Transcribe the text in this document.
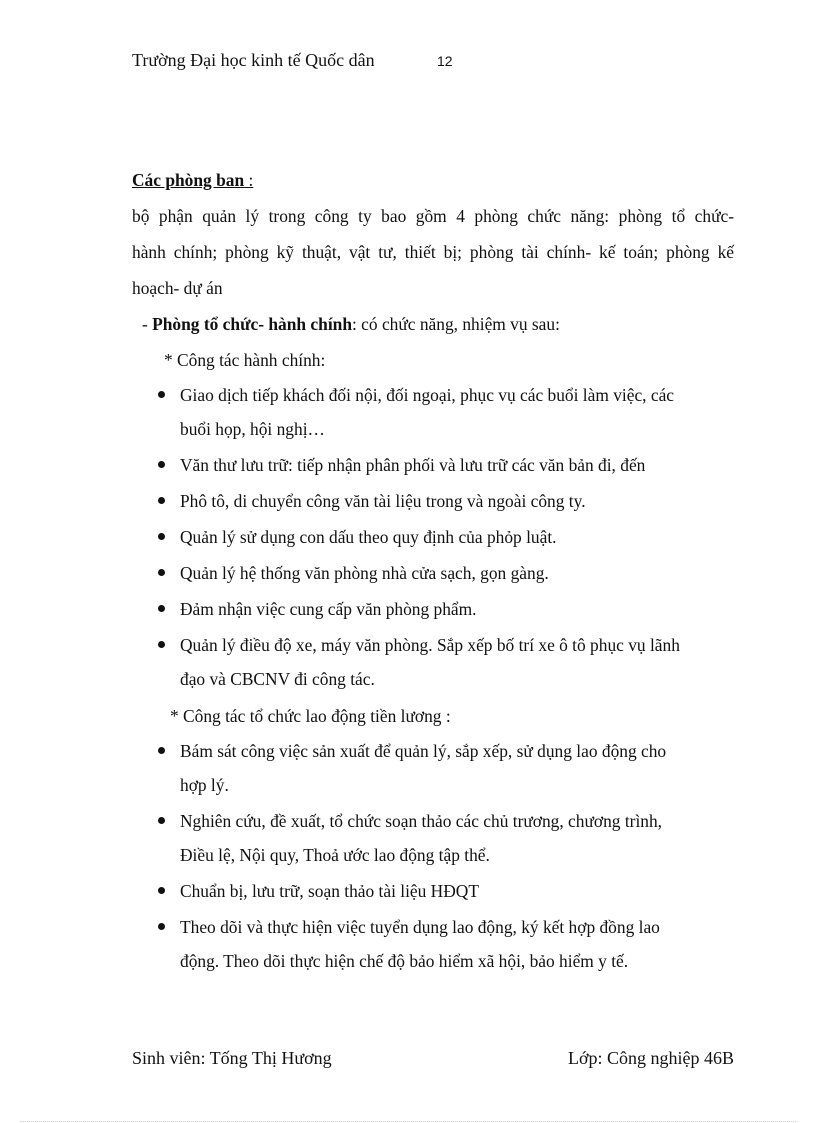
Trường Đại học kinh tế Quốc dân	12

Các phòng ban :

bộ phận quản lý trong công ty bao gồm 4 phòng chức năng: phòng tổ chức-
hành chính; phòng kỹ thuật, vật tư, thiết bị; phòng tài chính- kế toán; phòng kế
hoạch- dự án

- Phòng tổ chức- hành chính: có chức năng, nhiệm vụ sau:

* Công tác hành chính:

Giao dịch tiếp khách đối nội, đối ngoại, phục vụ các buổi làm việc, các
buổi họp, hội nghị…
Văn thư lưu trữ: tiếp nhận phân phối và lưu trữ các văn bản đi, đến
Phô tô, di chuyển công văn tài liệu trong và ngoài công ty.
Quản lý sử dụng con dấu theo quy định của phỏp luật.
Quản lý hệ thống văn phòng nhà cửa sạch, gọn gàng.
Đảm nhận việc cung cấp văn phòng phẩm.
Quản lý điều độ xe, máy văn phòng. Sắp xếp bố trí xe ô tô phục vụ lãnh
đạo và CBCNV đi công tác.

* Công tác tổ chức lao động tiền lương :

Bám sát công việc sản xuất để quản lý, sắp xếp, sử dụng lao động cho
hợp lý.
Nghiên cứu, đề xuất, tổ chức soạn thảo các chủ trương, chương trình,
Điều lệ, Nội quy, Thoả ước lao động tập thể.
Chuẩn bị, lưu trữ, soạn thảo tài liệu HĐQT
Theo dõi và thực hiện việc tuyển dụng lao động, ký kết hợp đồng lao
động. Theo dõi thực hiện chế độ bảo hiểm xã hội, bảo hiểm y tế.
Sinh viên: Tống Thị Hương	Lớp: Công nghiệp 46B
